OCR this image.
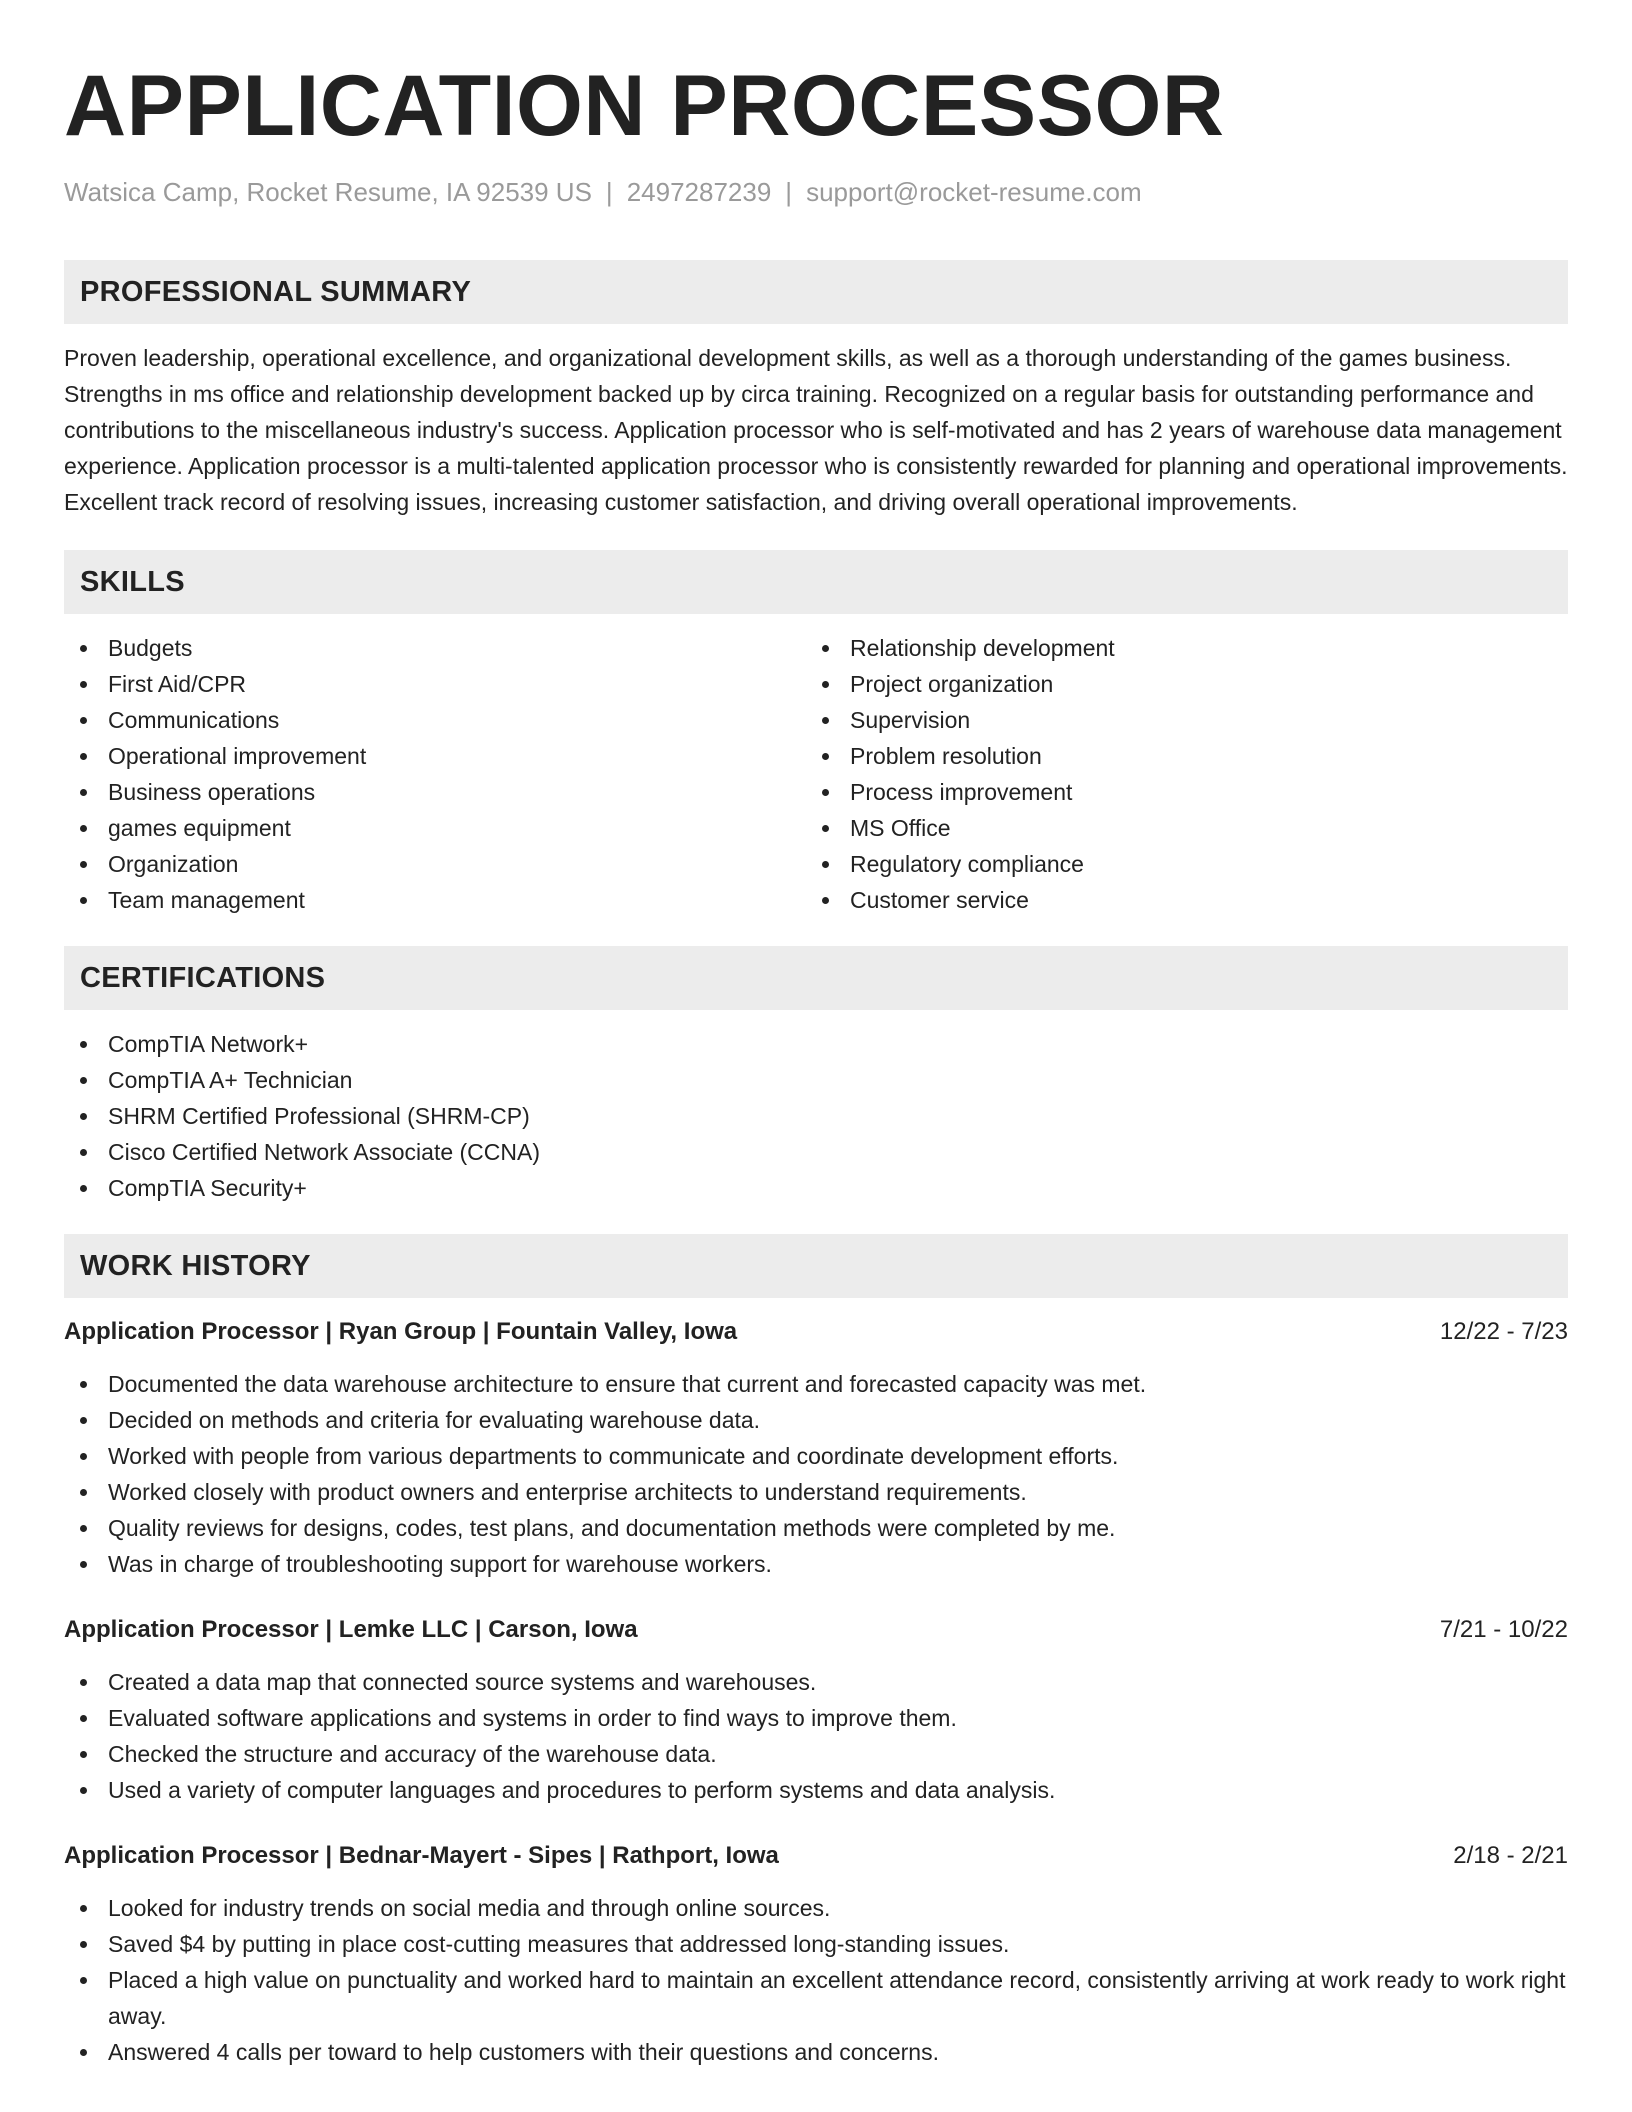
APPLICATION PROCESSOR
Watsica Camp, Rocket Resume, IA 92539 US | 2497287239 | support@rocket-resume.com
PROFESSIONAL SUMMARY

Proven leadership, operational excellence, and organizational development skills, as well as a thorough understanding of the games business. Strengths in ms office and relationship development backed up by circa training. Recognized on a regular basis for outstanding performance and contributions to the miscellaneous industry's success. Application processor who is self-motivated and has 2 years of warehouse data management experience. Application processor is a multi-talented application processor who is consistently rewarded for planning and operational improvements. Excellent track record of resolving issues, increasing customer satisfaction, and driving overall operational improvements.

SKILLS
Budgets
First Aid/CPR
Communications
Operational improvement
Business operations
games equipment
Organization
Team management
Relationship development
Project organization
Supervision
Problem resolution
Process improvement
MS Office
Regulatory compliance
Customer service
CERTIFICATIONS
CompTIA Network+
CompTIA A+ Technician
SHRM Certified Professional (SHRM-CP)
Cisco Certified Network Associate (CCNA)
CompTIA Security+
WORK HISTORY
Application Processor | Ryan Group | Fountain Valley, Iowa	12/22 - 7/23
Documented the data warehouse architecture to ensure that current and forecasted capacity was met.
Decided on methods and criteria for evaluating warehouse data.
Worked with people from various departments to communicate and coordinate development efforts.
Worked closely with product owners and enterprise architects to understand requirements.
Quality reviews for designs, codes, test plans, and documentation methods were completed by me.
Was in charge of troubleshooting support for warehouse workers.
Application Processor | Lemke LLC | Carson, Iowa	7/21 - 10/22
Created a data map that connected source systems and warehouses.
Evaluated software applications and systems in order to find ways to improve them.
Checked the structure and accuracy of the warehouse data.
Used a variety of computer languages and procedures to perform systems and data analysis.
Application Processor | Bednar-Mayert - Sipes | Rathport, Iowa	2/18 - 2/21
Looked for industry trends on social media and through online sources.
Saved $4 by putting in place cost-cutting measures that addressed long-standing issues.
Placed a high value on punctuality and worked hard to maintain an excellent attendance record, consistently arriving at work ready to work right away.
Answered 4 calls per toward to help customers with their questions and concerns.
